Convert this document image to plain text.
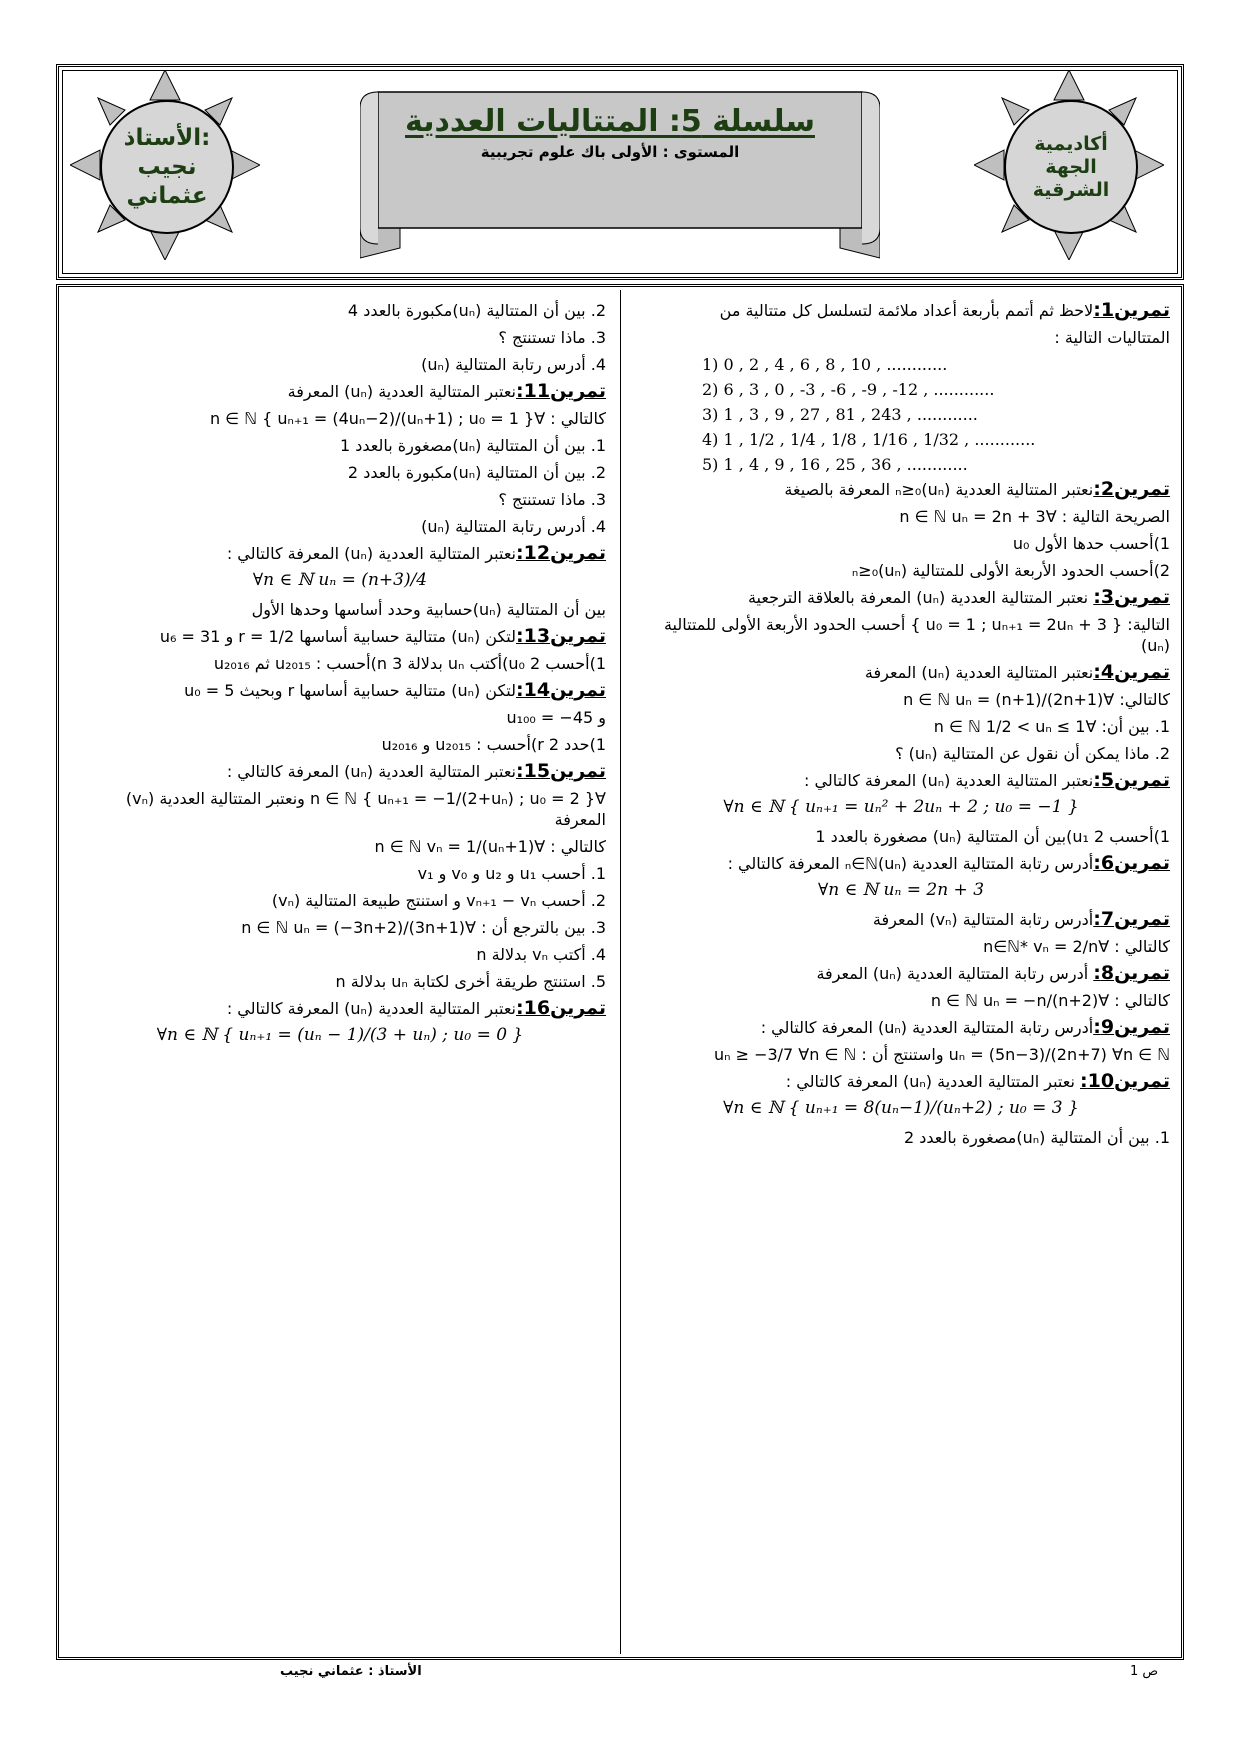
سلسلة 5: المتتاليات العددية
المستوى : الأولى باك علوم تجريبية
الأستاذ:
نجيب
عثماني
أكاديمية
الجهة
الشرقية
تمرين1:لاحظ ثم أتمم بأربعة أعداد ملائمة لتسلسل كل متتالية من
المتتاليات التالية :
1) 0 , 2 , 4 , 6 , 8 , 10 , ............
2) 6 , 3 , 0 , -3 , -6 , -9 , -12 , ............
3) 1 , 3 , 9 , 27 , 81 , 243 , ............
4) 1 , 1/2 , 1/4 , 1/8 , 1/16 , 1/32 , ............
5) 1 , 4 , 9 , 16 , 25 , 36 , ............
تمرين2:نعتبر المتتالية العددية (uₙ)ₙ≥₀ المعرفة بالصيغة
الصريحة التالية : ∀n ∈ ℕ uₙ = 2n + 3
1)أحسب حدها الأول u₀
2)أحسب الحدود الأربعة الأولى للمتتالية (uₙ)ₙ≥₀
تمرين3: نعتبر المتتالية العددية (uₙ) المعرفة بالعلاقة الترجعية
التالية: { u₀ = 1 ; uₙ₊₁ = 2uₙ + 3 } أحسب الحدود الأربعة الأولى للمتتالية (uₙ)
تمرين4:نعتبر المتتالية العددية (uₙ) المعرفة
كالتالي: ∀n ∈ ℕ uₙ = (n+1)/(2n+1)
1. بين أن: ∀n ∈ ℕ 1/2 < uₙ ≤ 1
2. ماذا يمكن أن نقول عن المتتالية (uₙ) ؟
تمرين5:نعتبر المتتالية العددية (uₙ) المعرفة كالتالي :
∀n ∈ ℕ { uₙ₊₁ = uₙ² + 2uₙ + 2 ; u₀ = −1 }
1)أحسب u₁ 2)بين أن المتتالية (uₙ) مصغورة بالعدد 1
تمرين6:أدرس رتابة المتتالية العددية (uₙ)ₙ∈ℕ المعرفة كالتالي :
∀n ∈ ℕ uₙ = 2n + 3
تمرين7:أدرس رتابة المتتالية (vₙ) المعرفة
كالتالي : ∀n∈ℕ* vₙ = 2/n
تمرين8: أدرس رتابة المتتالية العددية (uₙ) المعرفة
كالتالي : ∀n ∈ ℕ uₙ = −n/(n+2)
تمرين9:أدرس رتابة المتتالية العددية (uₙ) المعرفة كالتالي :
uₙ = (5n−3)/(2n+7) ∀n ∈ ℕ واستنتج أن : uₙ ≥ −3/7 ∀n ∈ ℕ
تمرين10: نعتبر المتتالية العددية (uₙ) المعرفة كالتالي :
∀n ∈ ℕ { uₙ₊₁ = 8(uₙ−1)/(uₙ+2) ; u₀ = 3 }
1. بين أن المتتالية (uₙ)مصغورة بالعدد 2
2. بين أن المتتالية (uₙ)مكبورة بالعدد 4
3. ماذا تستنتج ؟
4. أدرس رتابة المتتالية (uₙ)
تمرين11:نعتبر المتتالية العددية (uₙ) المعرفة
كالتالي : ∀n ∈ ℕ { uₙ₊₁ = (4uₙ−2)/(uₙ+1) ; u₀ = 1 }
1. بين أن المتتالية (uₙ)مصغورة بالعدد 1
2. بين أن المتتالية (uₙ)مكبورة بالعدد 2
3. ماذا تستنتج ؟
4. أدرس رتابة المتتالية (uₙ)
تمرين12:نعتبر المتتالية العددية (uₙ) المعرفة كالتالي :
∀n ∈ ℕ uₙ = (n+3)/4
بين أن المتتالية (uₙ)حسابية وحدد أساسها وحدها الأول
تمرين13:لتكن (uₙ) متتالية حسابية أساسها r = 1/2 و u₆ = 31
1)أحسب u₀ 2)أكتب uₙ بدلالة n 3)أحسب : u₂₀₁₅ ثم u₂₀₁₆
تمرين14:لتكن (uₙ) متتالية حسابية أساسها r وبحيث u₀ = 5
و u₁₀₀ = −45
1)حدد r 2)أحسب : u₂₀₁₅ و u₂₀₁₆
تمرين15:نعتبر المتتالية العددية (uₙ) المعرفة كالتالي :
∀n ∈ ℕ { uₙ₊₁ = −1/(2+uₙ) ; u₀ = 2 } ونعتبر المتتالية العددية (vₙ) المعرفة
كالتالي : ∀n ∈ ℕ vₙ = 1/(uₙ+1)
1. أحسب u₁ و u₂ و v₀ و v₁
2. أحسب vₙ₊₁ − vₙ و استنتج طبيعة المتتالية (vₙ)
3. بين بالترجع أن : ∀n ∈ ℕ uₙ = (−3n+2)/(3n+1)
4. أكتب vₙ بدلالة n
5. استنتج طريقة أخرى لكتابة uₙ بدلالة n
تمرين16:نعتبر المتتالية العددية (uₙ) المعرفة كالتالي :
∀n ∈ ℕ { uₙ₊₁ = (uₙ − 1)/(3 + uₙ) ; u₀ = 0 }
الأستاذ : عثماني نجيب	ص 1
